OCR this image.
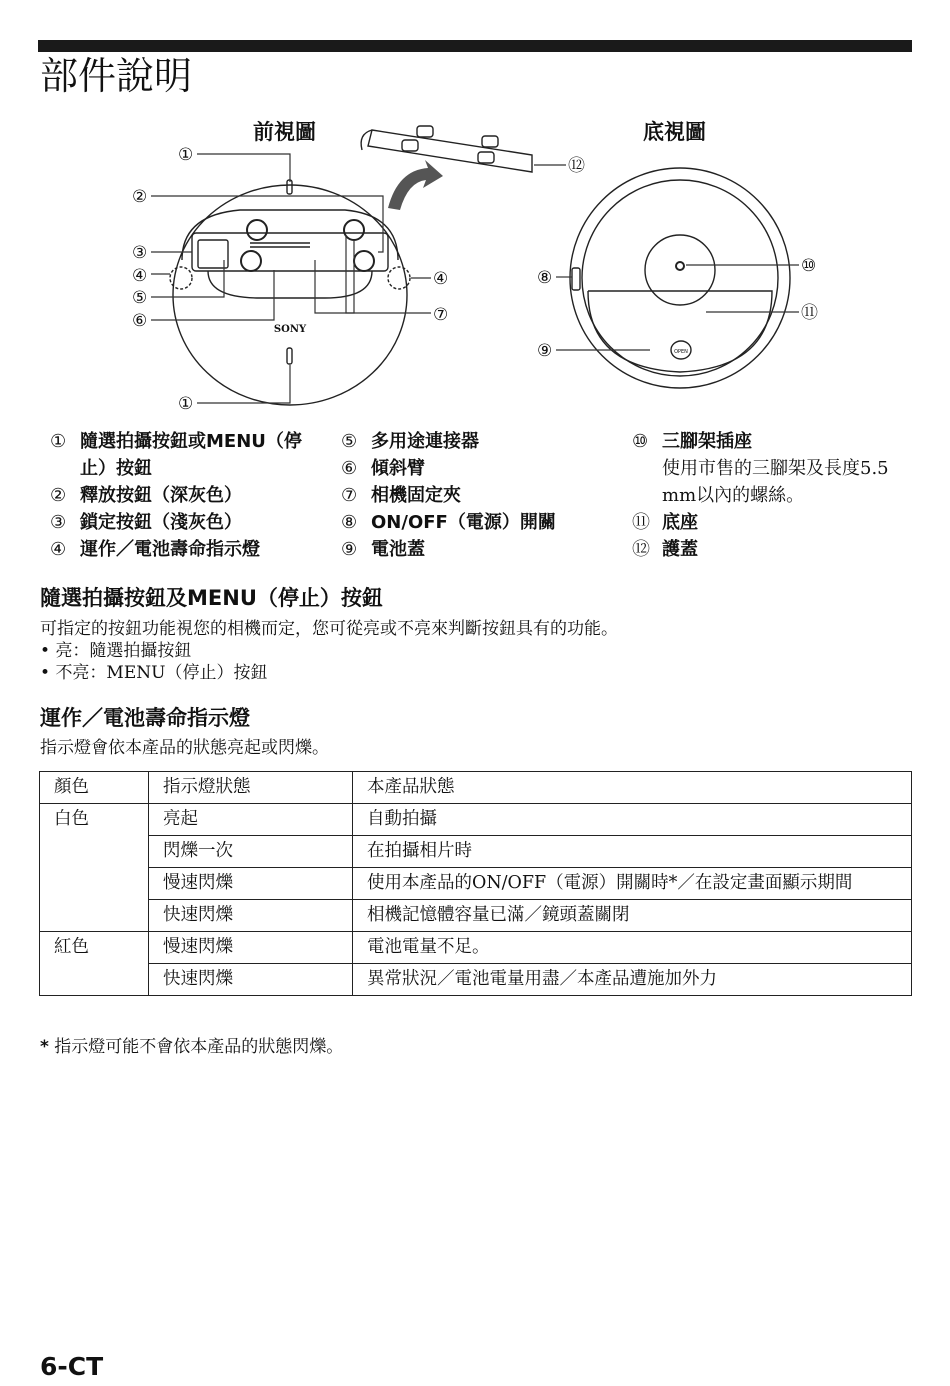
部件說明
前視圖	底視圖
①
②
③
④
⑤
⑥
④
⑦
①
⑧
⑨
⑩
⑪
⑫
SONY
OPEN
① 隨選拍攝按鈕或MENU（停止）按鈕
② 釋放按鈕（深灰色）
③ 鎖定按鈕（淺灰色）
④ 運作／電池壽命指示燈
⑤ 多用途連接器
⑥ 傾斜臂
⑦ 相機固定夾
⑧ ON/OFF（電源）開關
⑨ 電池蓋
⑩ 三腳架插座
使用市售的三腳架及長度5.5 mm以內的螺絲。
⑪ 底座
⑫ 護蓋
隨選拍攝按鈕及MENU（停止）按鈕
可指定的按鈕功能視您的相機而定，您可從亮或不亮來判斷按鈕具有的功能。
• 亮：隨選拍攝按鈕
• 不亮：MENU（停止）按鈕
運作／電池壽命指示燈
指示燈會依本產品的狀態亮起或閃爍。
顏色	指示燈狀態	本產品狀態
白色	亮起	自動拍攝
	閃爍一次	在拍攝相片時
	慢速閃爍	使用本產品的ON/OFF（電源）開關時*／在設定畫面顯示期間
	快速閃爍	相機記憶體容量已滿／鏡頭蓋關閉
紅色	慢速閃爍	電池電量不足。
	快速閃爍	異常狀況／電池電量用盡／本產品遭施加外力
* 指示燈可能不會依本產品的狀態閃爍。
6-CT
